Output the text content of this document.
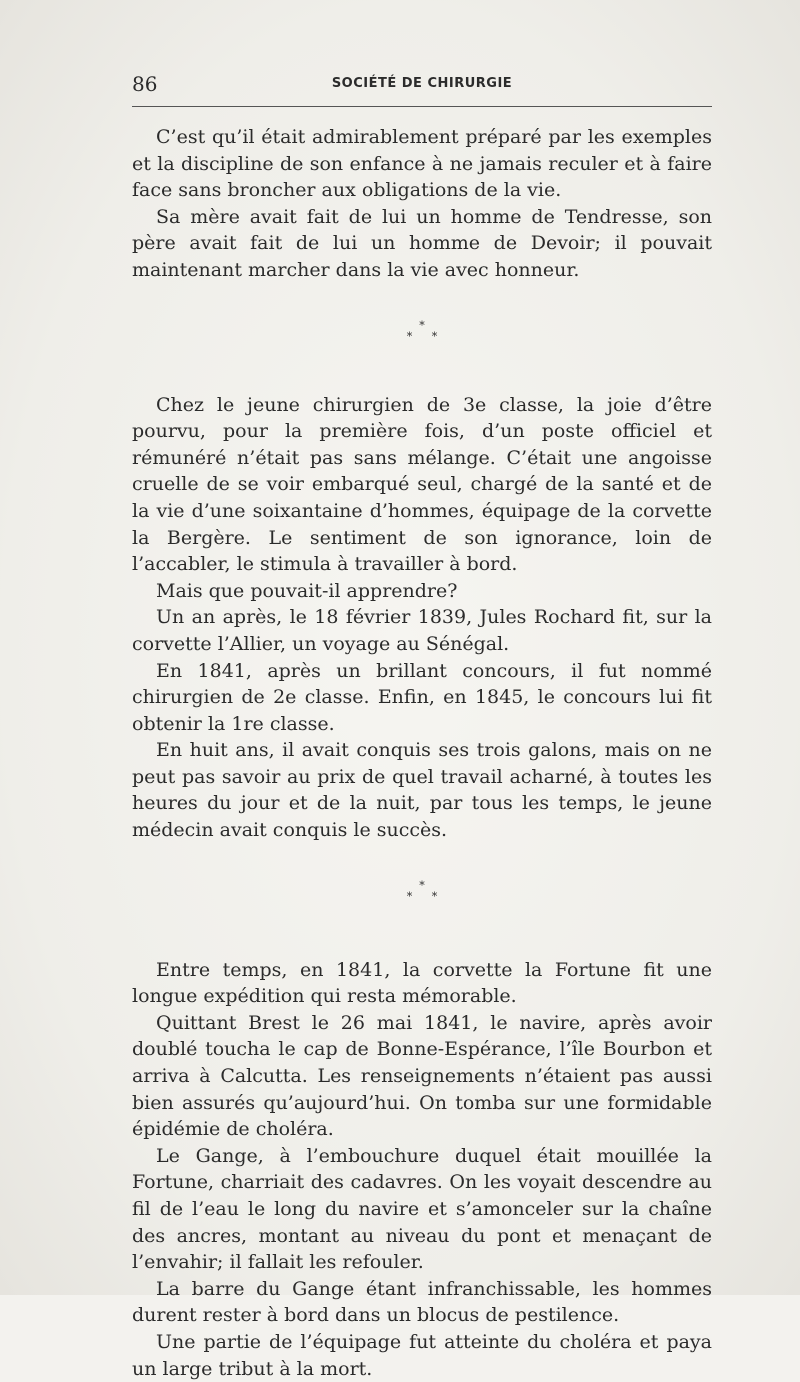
86	SOCIÉTÉ DE CHIRURGIE

C’est qu’il était admirablement préparé par les exemples et la discipline de son enfance à ne jamais reculer et à faire face sans broncher aux obligations de la vie.

Sa mère avait fait de lui un homme de Tendresse, son père avait fait de lui un homme de Devoir; il pouvait maintenant marcher dans la vie avec honneur.

*
* *

Chez le jeune chirurgien de 3e classe, la joie d’être pourvu, pour la première fois, d’un poste officiel et rémunéré n’était pas sans mélange. C’était une angoisse cruelle de se voir embarqué seul, chargé de la santé et de la vie d’une soixantaine d’hommes, équipage de la corvette la Bergère. Le sentiment de son ignorance, loin de l’accabler, le stimula à travailler à bord.

Mais que pouvait-il apprendre?

Un an après, le 18 février 1839, Jules Rochard fit, sur la corvette l’Allier, un voyage au Sénégal.

En 1841, après un brillant concours, il fut nommé chirurgien de 2e classe. Enfin, en 1845, le concours lui fit obtenir la 1re classe.

En huit ans, il avait conquis ses trois galons, mais on ne peut pas savoir au prix de quel travail acharné, à toutes les heures du jour et de la nuit, par tous les temps, le jeune médecin avait conquis le succès.

*
* *

Entre temps, en 1841, la corvette la Fortune fit une longue expédition qui resta mémorable.

Quittant Brest le 26 mai 1841, le navire, après avoir doublé toucha le cap de Bonne-Espérance, l’île Bourbon et arriva à Calcutta. Les renseignements n’étaient pas aussi bien assurés qu’aujourd’hui. On tomba sur une formidable épidémie de choléra.

Le Gange, à l’embouchure duquel était mouillée la Fortune, charriait des cadavres. On les voyait descendre au fil de l’eau le long du navire et s’amonceler sur la chaîne des ancres, montant au niveau du pont et menaçant de l’envahir; il fallait les refouler.

La barre du Gange étant infranchissable, les hommes durent rester à bord dans un blocus de pestilence.

Une partie de l’équipage fut atteinte du choléra et paya un large tribut à la mort.
